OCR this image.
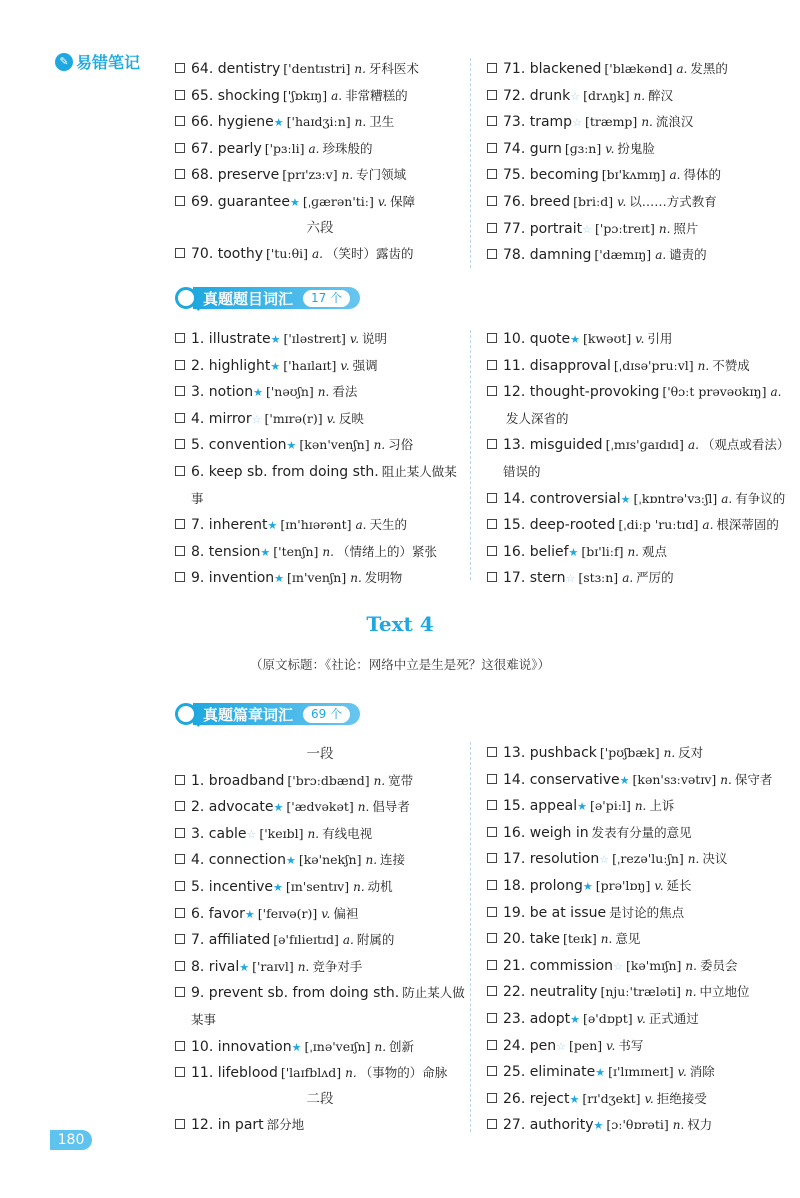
✎ 易错笔记	64. dentistry ['dentɪstri] n. 牙科医术
65. shocking ['ʃɒkɪŋ] a. 非常糟糕的
66. hygiene★ ['haɪdʒiːn] n. 卫生
67. pearly ['pɜːli] a. 珍珠般的
68. preserve [prɪ'zɜːv] n. 专门领域
69. guarantee★ [ˌɡærən'tiː] v. 保障
六段
70. toothy ['tuːθi] a. （笑时）露齿的
71. blackened ['blækənd] a. 发黑的
72. drunk☆ [drʌŋk] n. 醉汉
73. tramp☆ [træmp] n. 流浪汉
74. gurn [ɡɜːn] v. 扮鬼脸
75. becoming [bɪ'kʌmɪŋ] a. 得体的
76. breed [briːd] v. 以……方式教育
77. portrait☆ ['pɔːtreɪt] n. 照片
78. damning ['dæmɪŋ] a. 谴责的
真题题目词汇	17 个
1. illustrate★ ['ɪləstreɪt] v. 说明
2. highlight★ ['haɪlaɪt] v. 强调
3. notion★ ['nəʊʃn] n. 看法
4. mirror☆ ['mɪrə(r)] v. 反映
5. convention★ [kən'venʃn] n. 习俗
6. keep sb. from doing sth. 阻止某人做某事
7. inherent★ [ɪn'hɪərənt] a. 天生的
8. tension★ ['tenʃn] n. （情绪上的）紧张
9. invention★ [ɪn'venʃn] n. 发明物
10. quote★ [kwəʊt] v. 引用
11. disapproval [ˌdɪsə'pruːvl] n. 不赞成
12. thought-provoking ['θɔːt prəvəʊkɪŋ] a.发人深省的
13. misguided [ˌmɪs'ɡaɪdɪd] a. （观点或看法）错误的
14. controversial★ [ˌkɒntrə'vɜːʃl] a. 有争议的
15. deep-rooted [ˌdiːp 'ruːtɪd] a. 根深蒂固的
16. belief★ [bɪ'liːf] n. 观点
17. stern☆ [stɜːn] a. 严厉的
Text 4
（原文标题：《社论：网络中立是生是死？这很难说》）
真题篇章词汇	69 个
一段
1. broadband ['brɔːdbænd] n. 宽带
2. advocate★ ['ædvəkət] n. 倡导者
3. cable☆ ['keɪbl] n. 有线电视
4. connection★ [kə'nekʃn] n. 连接
5. incentive★ [ɪn'sentɪv] n. 动机
6. favor★ ['feɪvə(r)] v. 偏袒
7. affiliated [ə'fɪlieɪtɪd] a. 附属的
8. rival★ ['raɪvl] n. 竞争对手
9. prevent sb. from doing sth. 防止某人做某事
10. innovation★ [ˌɪnə'veɪʃn] n. 创新
11. lifeblood ['laɪfblʌd] n. （事物的）命脉
二段
12. in part 部分地
13. pushback ['pʊʃbæk] n. 反对
14. conservative★ [kən'sɜːvətɪv] n. 保守者
15. appeal★ [ə'piːl] n. 上诉
16. weigh in 发表有分量的意见
17. resolution☆ [ˌrezə'luːʃn] n. 决议
18. prolong★ [prə'lɒŋ] v. 延长
19. be at issue 是讨论的焦点
20. take [teɪk] n. 意见
21. commission☆ [kə'mɪʃn] n. 委员会
22. neutrality [njuː'træləti] n. 中立地位
23. adopt★ [ə'dɒpt] v. 正式通过
24. pen☆ [pen] v. 书写
25. eliminate★ [ɪ'lɪmɪneɪt] v. 消除
26. reject★ [rɪ'dʒekt] v. 拒绝接受
27. authority★ [ɔː'θɒrəti] n. 权力
180
